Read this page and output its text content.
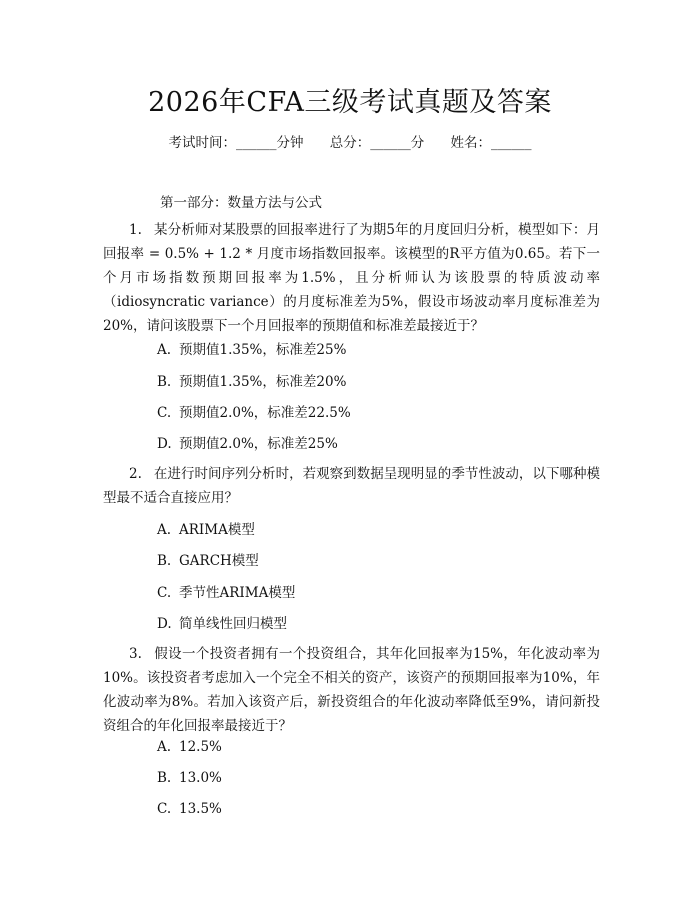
2026年CFA三级考试真题及答案
考试时间：______分钟 总分：______分 姓名：______
第一部分：数量方法与公式

1. 某分析师对某股票的回报率进行了为期5年的月度回归分析，模型如下：月回报率 = 0.5% + 1.2 * 月度市场指数回报率。该模型的R平方值为0.65。若下一个月市场指数预期回报率为1.5%，且分析师认为该股票的特质波动率（idiosyncratic variance）的月度标准差为5%，假设市场波动率月度标准差为20%，请问该股票下一个月回报率的预期值和标准差最接近于？

A. 预期值1.35%，标准差25%
B. 预期值1.35%，标准差20%
C. 预期值2.0%，标准差22.5%
D. 预期值2.0%，标准差25%

2. 在进行时间序列分析时，若观察到数据呈现明显的季节性波动，以下哪种模型最不适合直接应用？

A. ARIMA模型
B. GARCH模型
C. 季节性ARIMA模型
D. 简单线性回归模型

3. 假设一个投资者拥有一个投资组合，其年化回报率为15%，年化波动率为10%。该投资者考虑加入一个完全不相关的资产，该资产的预期回报率为10%，年化波动率为8%。若加入该资产后，新投资组合的年化波动率降低至9%，请问新投资组合的年化回报率最接近于？

A. 12.5%
B. 13.0%
C. 13.5%
